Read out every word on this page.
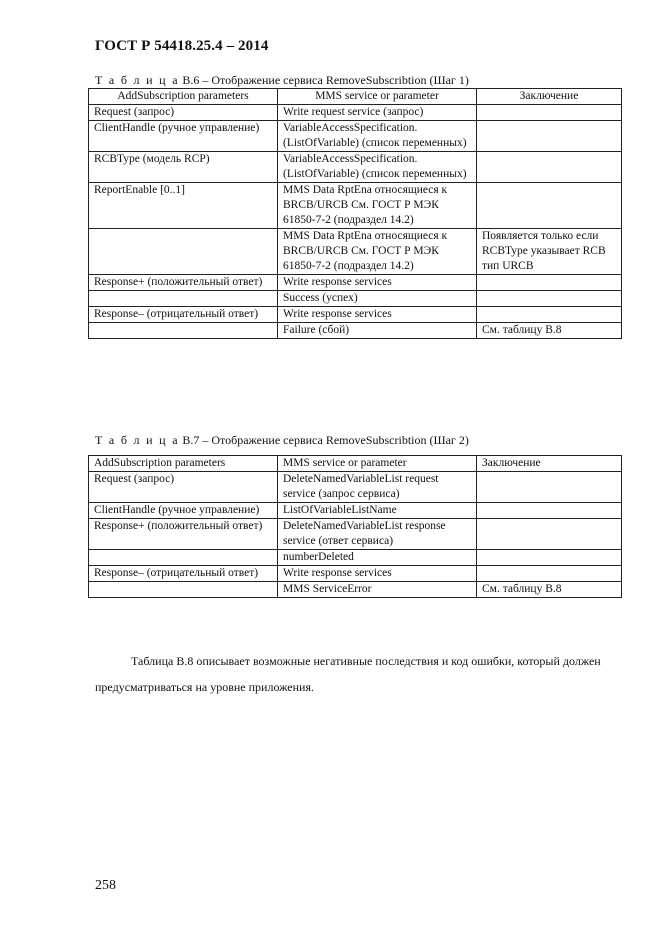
ГОСТ Р 54418.25.4 – 2014
Т а б л и ц а B.6 – Отображение сервиса RemoveSubscribtion (Шаг 1)
AddSubscription parameters	MMS service or parameter	Заключение
Request (запрос)	Write request service (запрос)	
ClientHandle (ручное управление)	VariableAccessSpecification. (ListOfVariable) (список переменных)	
RCBType (модель RCP)	VariableAccessSpecification. (ListOfVariable) (список переменных)	
ReportEnable [0..1]	MMS Data RptEna относящиеся к BRCB/URCB См. ГОСТ Р МЭК 61850-7-2 (подраздел 14.2)	
	MMS Data RptEna относящиеся к BRCB/URCB См. ГОСТ Р МЭК 61850-7-2 (подраздел 14.2)	Появляется только если RCBType указывает RCB тип URCB
Response+ (положительный ответ)	Write response services	
	Success (успех)	
Response– (отрицательный ответ)	Write response services	
	Failure (сбой)	См. таблицу B.8
Т а б л и ц а B.7 – Отображение сервиса RemoveSubscribtion (Шаг 2)
AddSubscription parameters	MMS service or parameter	Заключение
Request (запрос)	DeleteNamedVariableList request service (запрос сервиса)	
ClientHandle (ручное управление)	ListOfVariableListName	
Response+ (положительный ответ)	DeleteNamedVariableList response service (ответ сервиса)	
	numberDeleted	
Response– (отрицательный ответ)	Write response services	
	MMS ServiceError	См. таблицу B.8
Таблица B.8 описывает возможные негативные последствия и код ошибки, который должен предусматриваться на уровне приложения.
258
